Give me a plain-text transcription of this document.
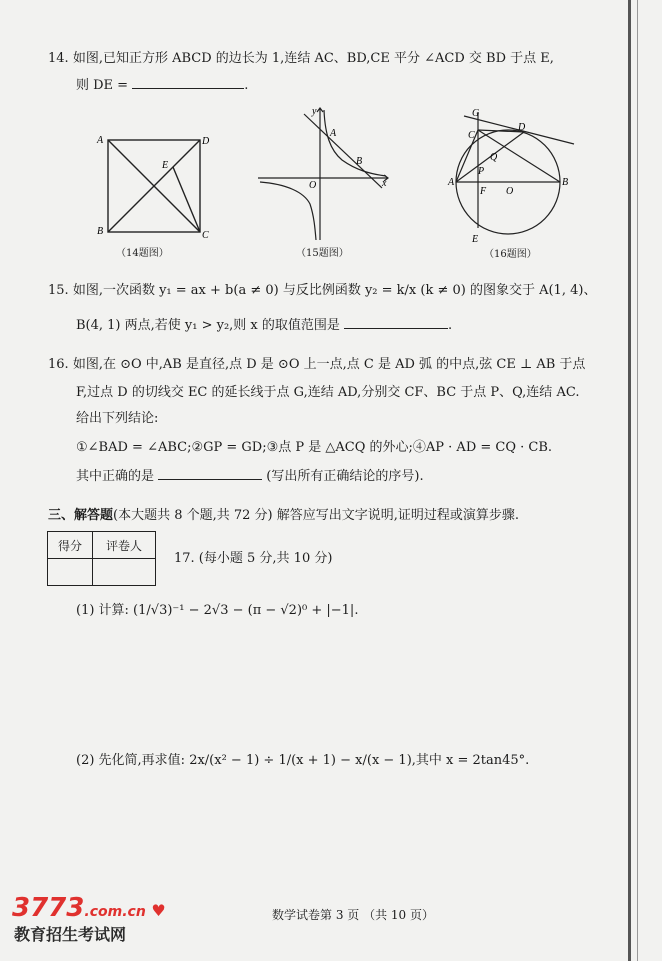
14. 如图,已知正方形 ABCD 的边长为 1,连结 AC、BD,CE 平分 ∠ACD 交 BD 于点 E,
则 DE =	.
A
B	C
D
E
（14题图）
y
x
O
A
B
（15题图）
G
C
D
P
Q
A
F O
B
E
（16题图）
15. 如图,一次函数 y₁ = ax + b(a ≠ 0) 与反比例函数 y₂ = k/x (k ≠ 0) 的图象交于 A(1, 4)、
B(4, 1) 两点,若使 y₁ > y₂,则 x 的取值范围是	.
16. 如图,在 ⊙O 中,AB 是直径,点 D 是 ⊙O 上一点,点 C 是 AD 弧 的中点,弦 CE ⊥ AB 于点
F,过点 D 的切线交 EC 的延长线于点 G,连结 AD,分别交 CF、BC 于点 P、Q,连结 AC.
给出下列结论:
①∠BAD = ∠ABC;②GP = GD;③点 P 是 △ACQ 的外心;④AP · AD = CQ · CB.
其中正确的是	(写出所有正确结论的序号).
三、解答题(本大题共 8 个题,共 72 分) 解答应写出文字说明,证明过程或演算步骤.
得分	评卷人

17. (每小题 5 分,共 10 分)
(1) 计算: (1/√3)⁻¹ − 2√3 − (π − √2)⁰ + |−1|.
(2) 先化简,再求值: 2x/(x² − 1) ÷ 1/(x + 1) − x/(x − 1),其中 x = 2tan45°.
3773.com.cn ♥
教育招生考试网
数学试卷第 3 页 （共 10 页）
